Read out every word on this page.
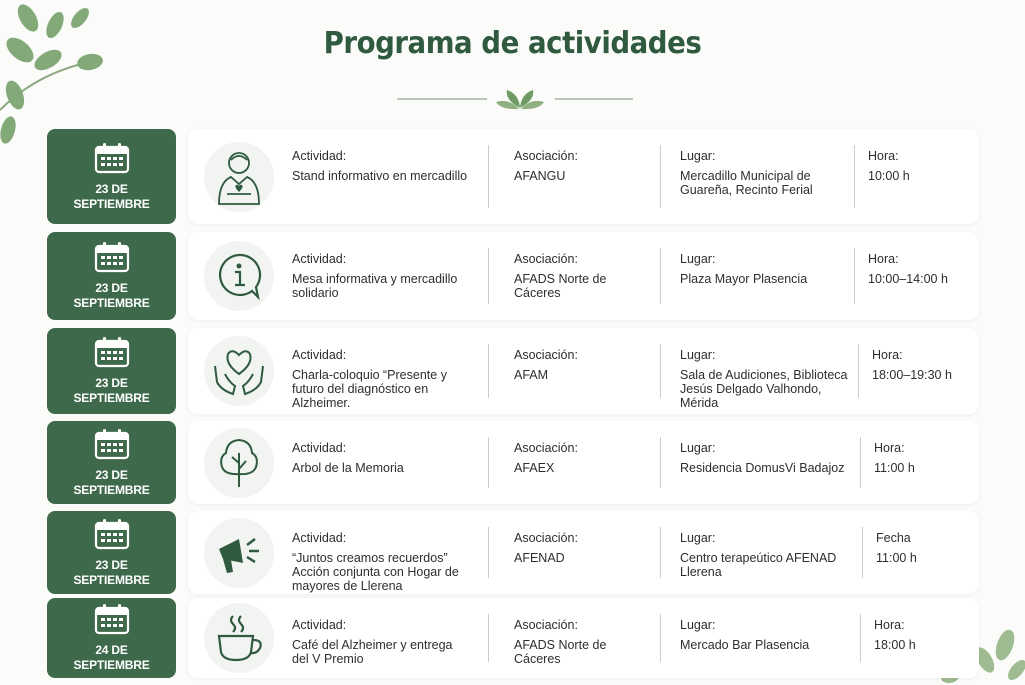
Programa de actividades
23 DE
SEPTIEMBRE
Actividad:
Stand informativo en mercadillo
Asociación:
AFANGU
Lugar:
Mercadillo Municipal de Guareña, Recinto Ferial
Hora:
10:00 h
23 DE
SEPTIEMBRE
Actividad:
Mesa informativa y mercadillo solidario
Asociación:
AFADS Norte de Cáceres
Lugar:
Plaza Mayor Plasencia
Hora:
10:00–14:00 h
23 DE
SEPTIEMBRE
Actividad:
Charla-coloquio “Presente y futuro del diagnóstico en Alzheimer.
Asociación:
AFAM
Lugar:
Sala de Audiciones, Biblioteca Jesús Delgado Valhondo, Mérida
Hora:
18:00–19:30 h
23 DE
SEPTIEMBRE
Actividad:
Arbol de la Memoria
Asociación:
AFAEX
Lugar:
Residencia DomusVi Badajoz
Hora:
11:00 h
23 DE
SEPTIEMBRE
Actividad:
“Juntos creamos recuerdos” Acción conjunta con Hogar de mayores de Llerena
Asociación:
AFENAD
Lugar:
Centro terapeútico AFENAD Llerena
Fecha
11:00 h
24 DE
SEPTIEMBRE
Actividad:
Café del Alzheimer y entrega del V Premio
Asociación:
AFADS Norte de Cáceres
Lugar:
Mercado Bar Plasencia
Hora:
18:00 h
